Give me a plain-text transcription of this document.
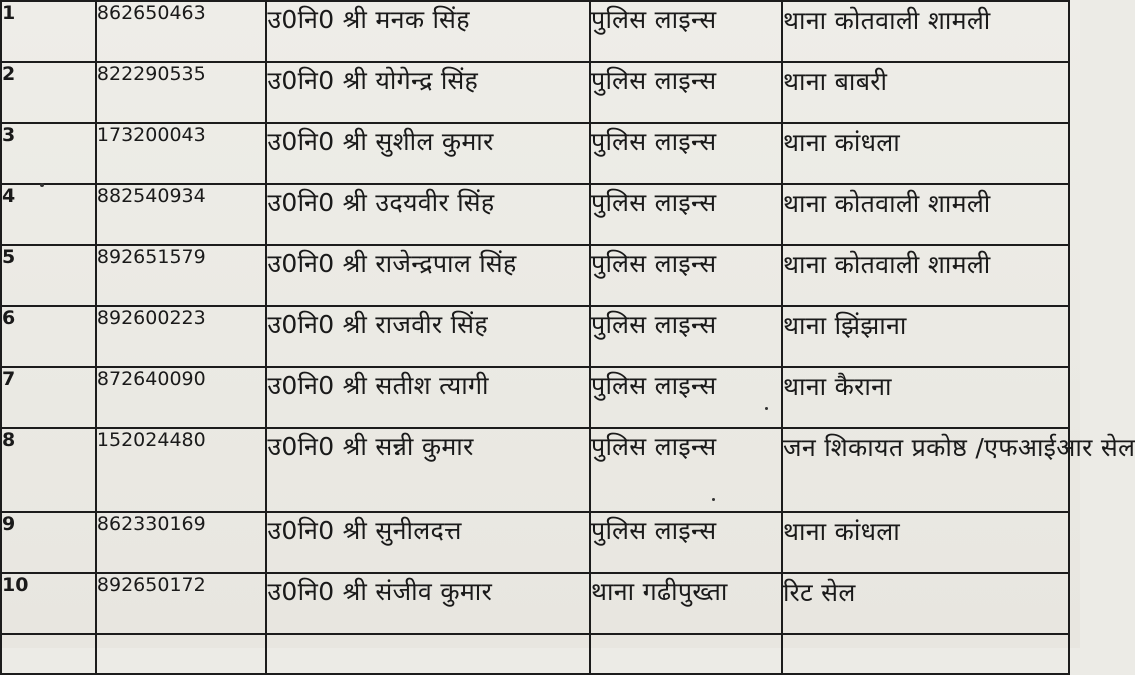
1	862650463	उ0नि0 श्री मनक सिंह	पुलिस लाइन्स	थाना कोतवाली शामली
2	822290535	उ0नि0 श्री योगेन्द्र सिंह	पुलिस लाइन्स	थाना बाबरी
3	173200043	उ0नि0 श्री सुशील कुमार	पुलिस लाइन्स	थाना कांधला
4	882540934	उ0नि0 श्री उदयवीर सिंह	पुलिस लाइन्स	थाना कोतवाली शामली
5	892651579	उ0नि0 श्री राजेन्द्रपाल सिंह	पुलिस लाइन्स	थाना कोतवाली शामली
6	892600223	उ0नि0 श्री राजवीर सिंह	पुलिस लाइन्स	थाना झिंझाना
7	872640090	उ0नि0 श्री सतीश त्यागी	पुलिस लाइन्स	थाना कैराना
8	152024480	उ0नि0 श्री सन्नी कुमार	पुलिस लाइन्स	जन शिकायत प्रकोष्ठ /एफआईआर सेल
9	862330169	उ0नि0 श्री सुनीलदत्त	पुलिस लाइन्स	थाना कांधला
10	892650172	उ0नि0 श्री संजीव कुमार	थाना गढीपुख्ता	रिट सेल
